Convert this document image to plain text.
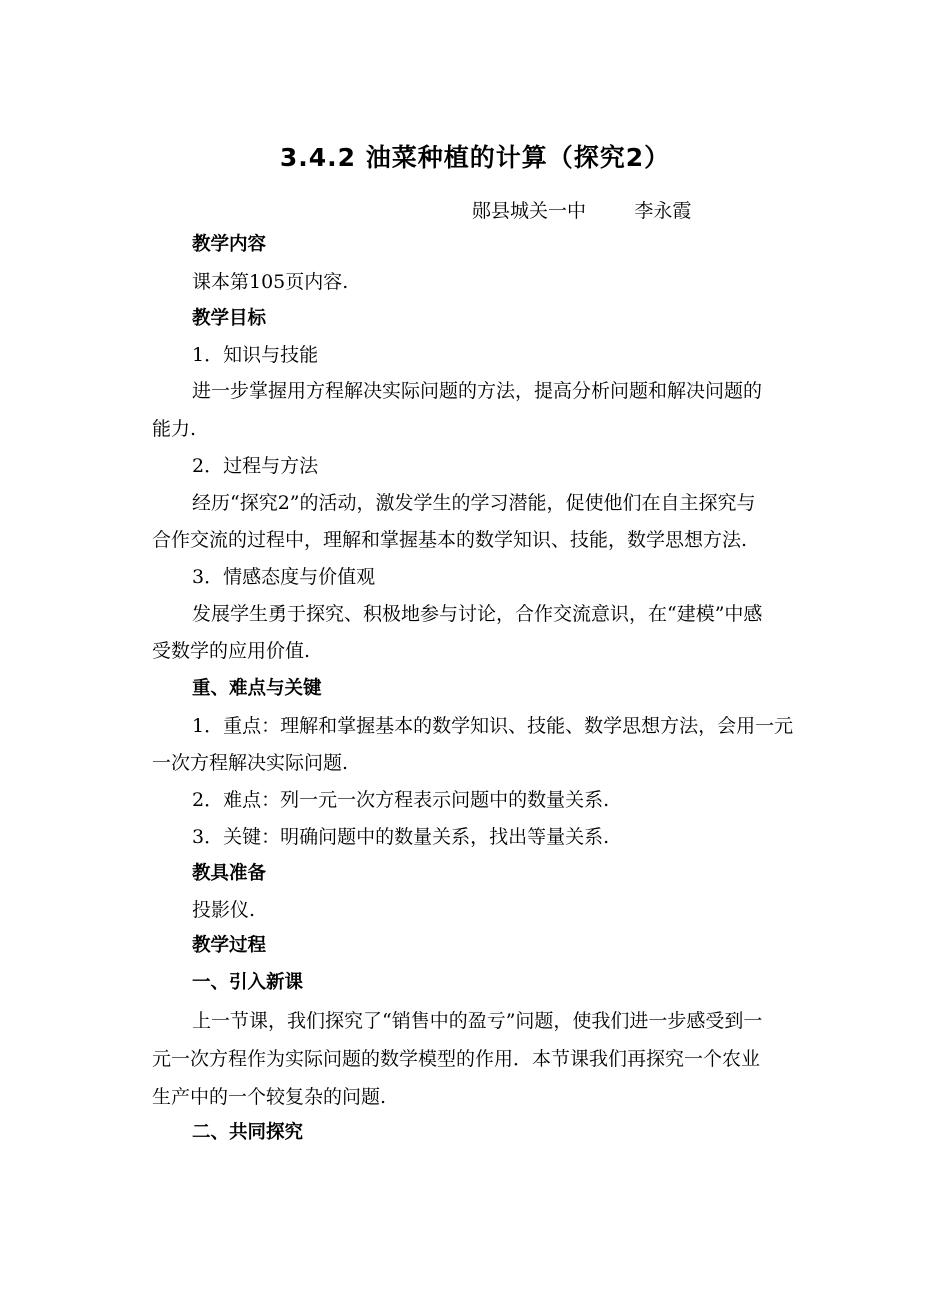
3.4.2 油菜种植的计算（探究2）
郧县城关一中	李永霞
教学内容
课本第105页内容.
教学目标
1．知识与技能
进一步掌握用方程解决实际问题的方法，提高分析问题和解决问题的
能力.
2．过程与方法
经历“探究2”的活动，激发学生的学习潜能，促使他们在自主探究与
合作交流的过程中，理解和掌握基本的数学知识、技能，数学思想方法.
3．情感态度与价值观
发展学生勇于探究、积极地参与讨论，合作交流意识，在“建模”中感
受数学的应用价值.
重、难点与关键
1．重点：理解和掌握基本的数学知识、技能、数学思想方法，会用一元
一次方程解决实际问题.
2．难点：列一元一次方程表示问题中的数量关系.
3．关键：明确问题中的数量关系，找出等量关系.
教具准备
投影仪.
教学过程
一、引入新课
上一节课，我们探究了“销售中的盈亏”问题，使我们进一步感受到一
元一次方程作为实际问题的数学模型的作用．本节课我们再探究一个农业
生产中的一个较复杂的问题.
二、共同探究
